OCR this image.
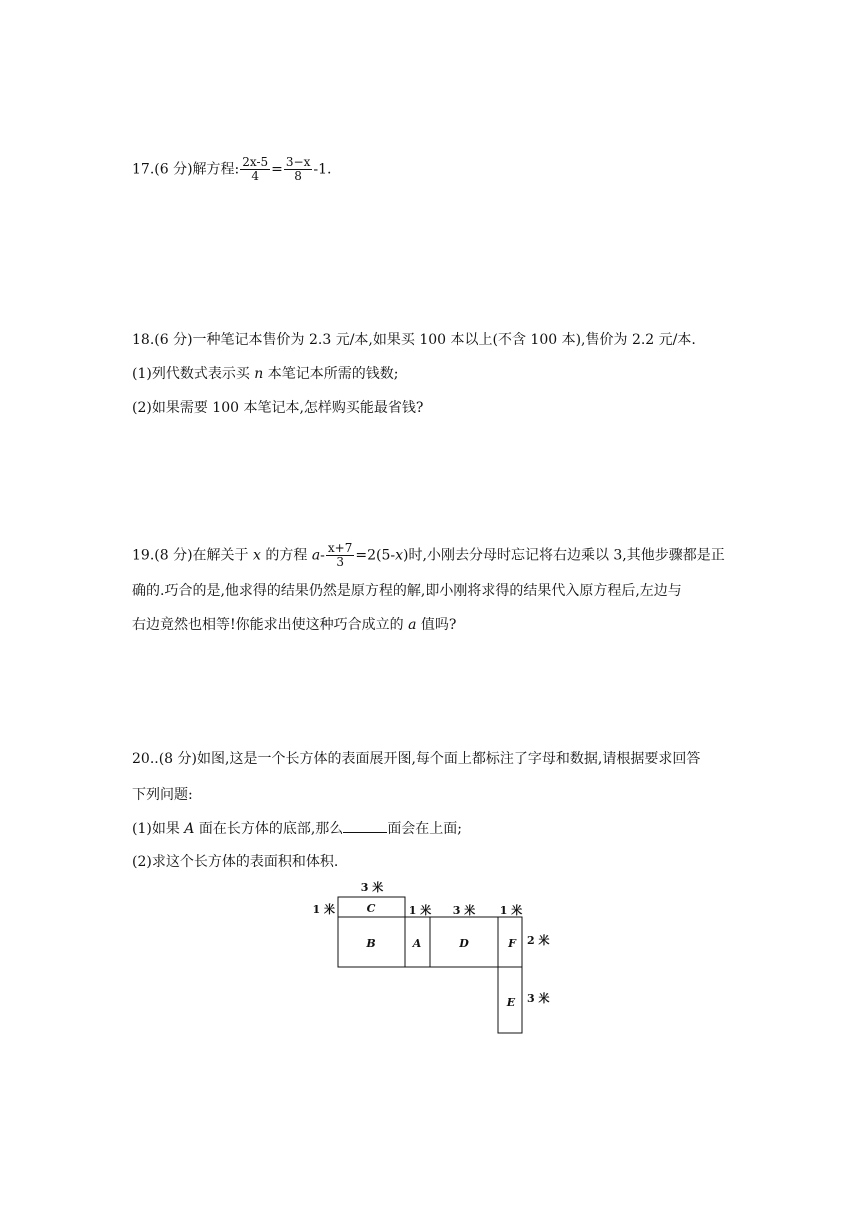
17.(6 分)解方程: $\frac{2x-5}{4} = \frac{3-x}{8} -1$.
18.(6 分)一种笔记本售价为 2.3 元/本,如果买 100 本以上(不含 100 本),售价为 2.2 元/本.
(1)列代数式表示买 n 本笔记本所需的钱数;
(2)如果需要 100 本笔记本,怎样购买能最省钱?
19.(8 分)在解关于 x 的方程 $a- \frac{x+7}{3} =2(5-x)$时,小刚去分母时忘记将右边乘以 3,其他步骤都是正
确的.巧合的是,他求得的结果仍然是原方程的解,即小刚将求得的结果代入原方程后,左边与
右边竟然也相等!你能求出使这种巧合成立的 a 值吗?
20..(8 分)如图,这是一个长方体的表面展开图,每个面上都标注了字母和数据,请根据要求回答
下列问题:
(1)如果 A 面在长方体的底部,那么	面会在上面;
(2)求这个长方体的表面积和体积.
C
B	A	D	F
E
3 米
1 米	1 米 3 米 1 米
2 米
3 米
